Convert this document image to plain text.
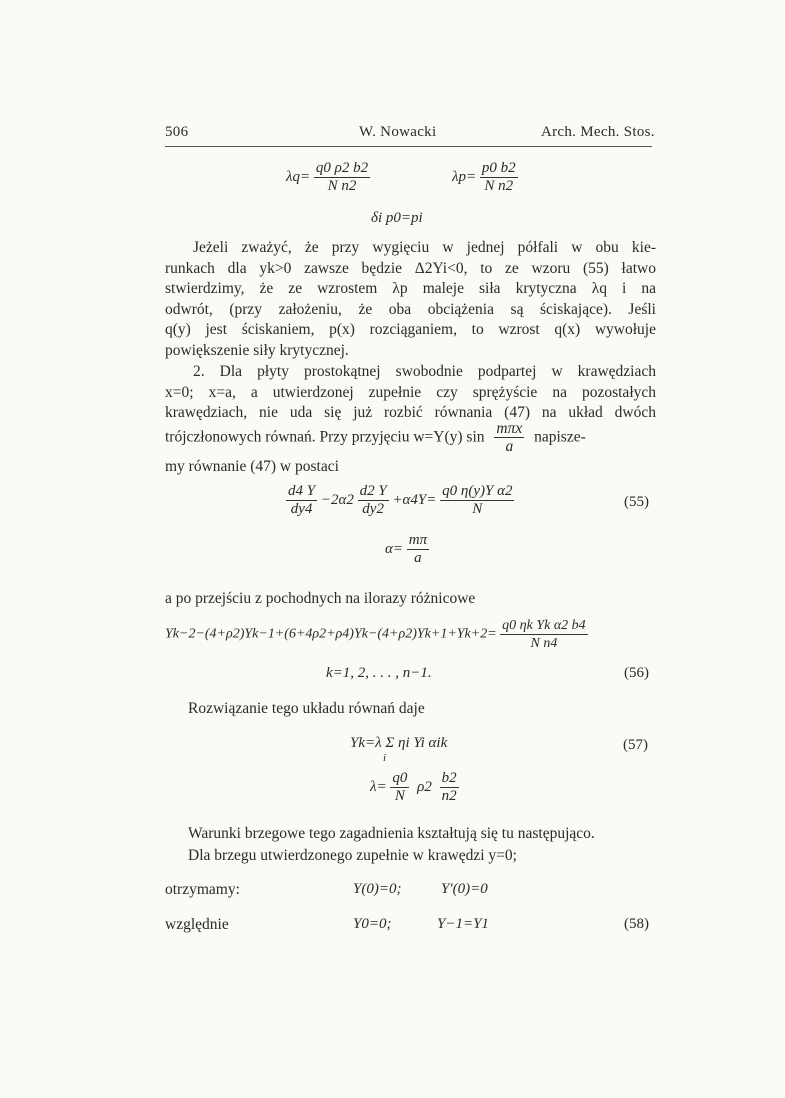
506	W. Nowacki	Arch. Mech. Stos.
$\lambda q= \frac{q0 \rho 2 b2}{\text{N n2}}$	$\lambda p= \frac{p0 b2}{\text{N n2}}$
δi p0=pi
Jeżeli zważyć, że przy wygięciu w jednej półfali w obu kie-
runkach dla yk>0 zawsze będzie Δ2Yi<0, to ze wzoru (55) łatwo
stwierdzimy, że ze wzrostem λp maleje siła krytyczna λq i na
odwrót, (przy założeniu, że oba obciążenia są ściskające). Jeśli
q(y) jest ściskaniem, p(x) rozciąganiem, to wzrost q(x) wywołuje
powiększenie siły krytycznej.
2. Dla płyty prostokątnej swobodnie podpartej w krawędziach
x=0; x=a, a utwierdzonej zupełnie czy sprężyście na pozostałych
krawędziach, nie uda się już rozbić równania (47) na układ dwóch
trójczłonowych równań. Przy przyjęciu w=Y(y) $\sin \frac{\text{mπx}}{a}$ napisze-
my równanie (47) w postaci
$\frac{d4 Y}{dy4} -2\alpha 2 \frac{d2 Y}{dy2} +\alpha 4Y= \frac{\text{q0 η(y)Y α2}}{N}$	(55)
$\alpha= \frac{m\pi}{a}$
a po przejściu z pochodnych na ilorazy różnicowe
$Yk-2-(4+\rho 2)Yk-1+(6+4\rho 2+\rho 4)Yk-(4+\rho 2)Yk+1+Yk+2= \frac{\text{q0 ηk Yk α2 b4}}{\text{N n4}}$
k=1, 2, . . . , n−1.	(56)
Rozwiązanie tego układu równań daje
Yk=λ Σ ηi Yi αik
i
(57)
$\lambda= \frac{q0}{N} \rho 2 \frac{b2}{n2}$
Warunki brzegowe tego zagadnienia kształtują się tu następująco.
Dla brzegu utwierdzonego zupełnie w krawędzi y=0;
otrzymamy:	Y(0)=0;	Y′(0)=0
względnie	Y0=0;	Y−1=Y1	(58)
